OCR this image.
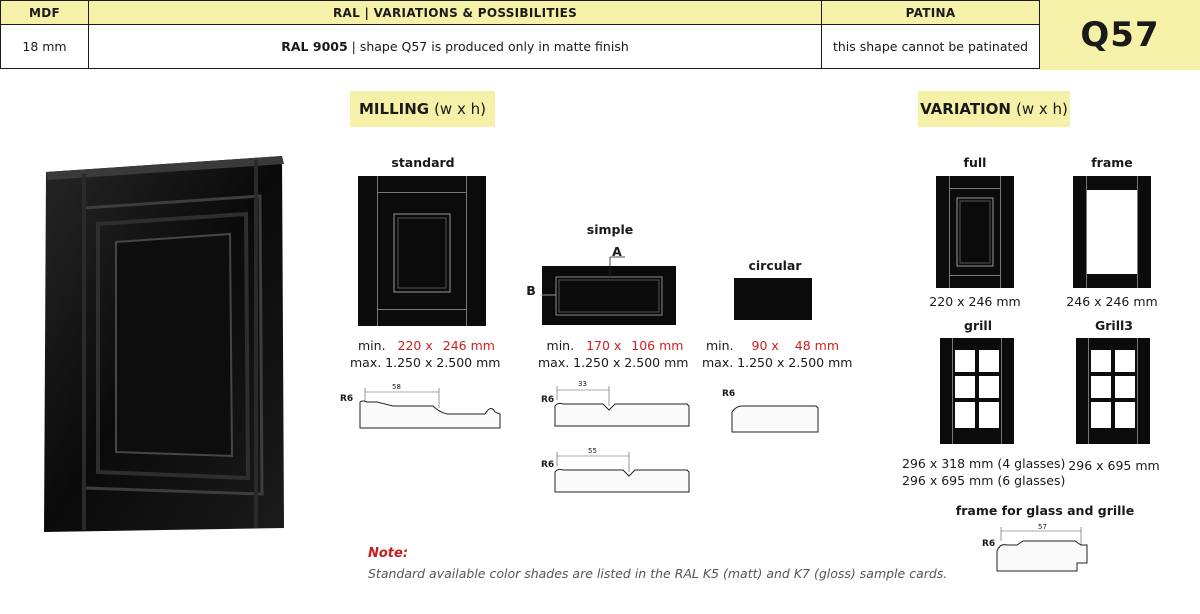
MDF	RAL | VARIATIONS & POSSIBILITIES	PATINA
18 mm	RAL 9005 | shape Q57 is produced only in matte finish	this shape cannot be patinated	Q57
MILLING (w x h)
standard
min. 220 x 246 mm
max. 1.250 x 2.500 mm
R6
58
simple
A
B
min. 170 x 106 mm
max. 1.250 x 2.500 mm
R6
33
R6
55
circular
min. 90 x 48 mm
max. 1.250 x 2.500 mm
R6
VARIATION (w x h)
full
220 x 246 mm
frame
246 x 246 mm
grill
296 x 318 mm (4 glasses)
296 x 695 mm (6 glasses)
Grill3
296 x 695 mm
frame for glass and grille
R6
57
Note:
Standard available color shades are listed in the RAL K5 (matt) and K7 (gloss) sample cards.
